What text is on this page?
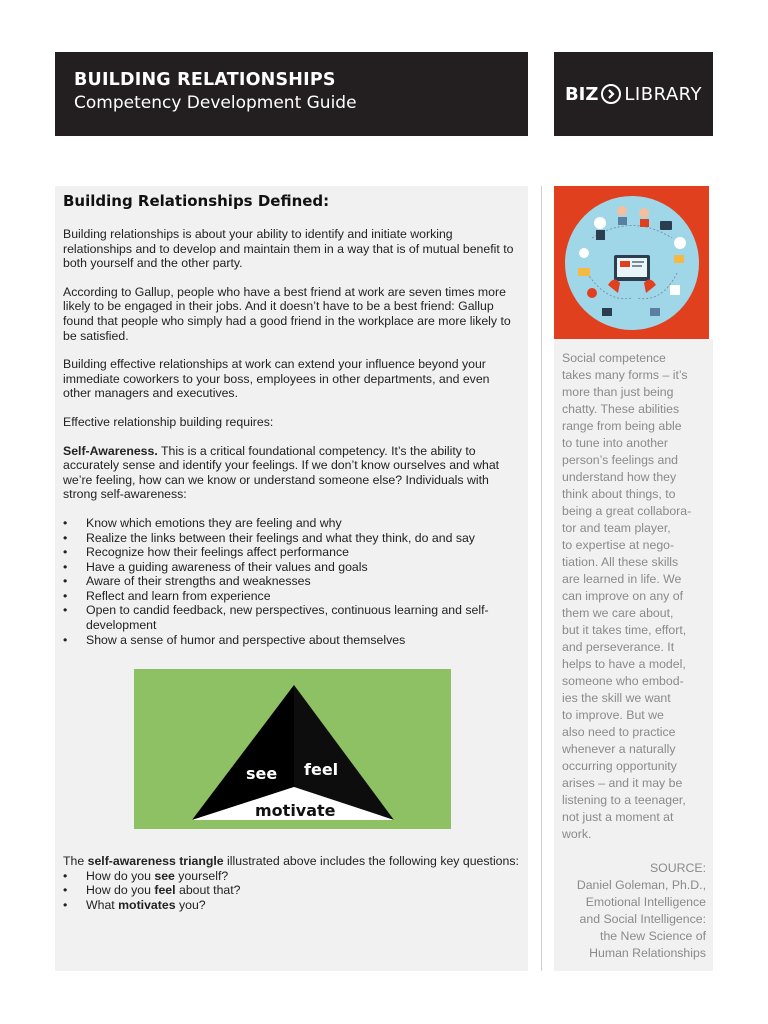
BUILDING RELATIONSHIPS
Competency Development Guide	BIZ LIBRARY
Building Relationships Defined:

Building relationships is about your ability to identify and initiate working relationships and to develop and maintain them in a way that is of mutual benefit to both yourself and the other party.

According to Gallup, people who have a best friend at work are seven times more likely to be engaged in their jobs. And it doesn’t have to be a best friend: Gallup found that people who simply had a good friend in the workplace are more likely to be satisfied.

Building effective relationships at work can extend your influence beyond your immediate coworkers to your boss, employees in other departments, and even other managers and executives.

Effective relationship building requires:

Self-Awareness. This is a critical foundational competency. It’s the ability to accurately sense and identify your feelings. If we don’t know ourselves and what we’re feeling, how can we know or understand someone else? Individuals with strong self-awareness:

• Know which emotions they are feeling and why
• Realize the links between their feelings and what they think, do and say
• Recognize how their feelings affect performance
• Have a guiding awareness of their values and goals
• Aware of their strengths and weaknesses
• Reflect and learn from experience
• Open to candid feedback, new perspectives, continuous learning and self-development
• Show a sense of humor and perspective about themselves
see feel
motivate

The self-awareness triangle illustrated above includes the following key questions:

• How do you see yourself?
• How do you feel about that?
• What motivates you?
Social competence
takes many forms – it’s
more than just being
chatty. These abilities
range from being able
to tune into another
person’s feelings and
understand how they
think about things, to
being a great collabora-
tor and team player,
to expertise at nego-
tiation. All these skills
are learned in life. We
can improve on any of
them we care about,
but it takes time, effort,
and perseverance. It
helps to have a model,
someone who embod-
ies the skill we want
to improve. But we
also need to practice
whenever a naturally
occurring opportunity
arises – and it may be
listening to a teenager,
not just a moment at
work.
SOURCE:
Daniel Goleman, Ph.D.,
Emotional Intelligence
and Social Intelligence:
the New Science of
Human Relationships
